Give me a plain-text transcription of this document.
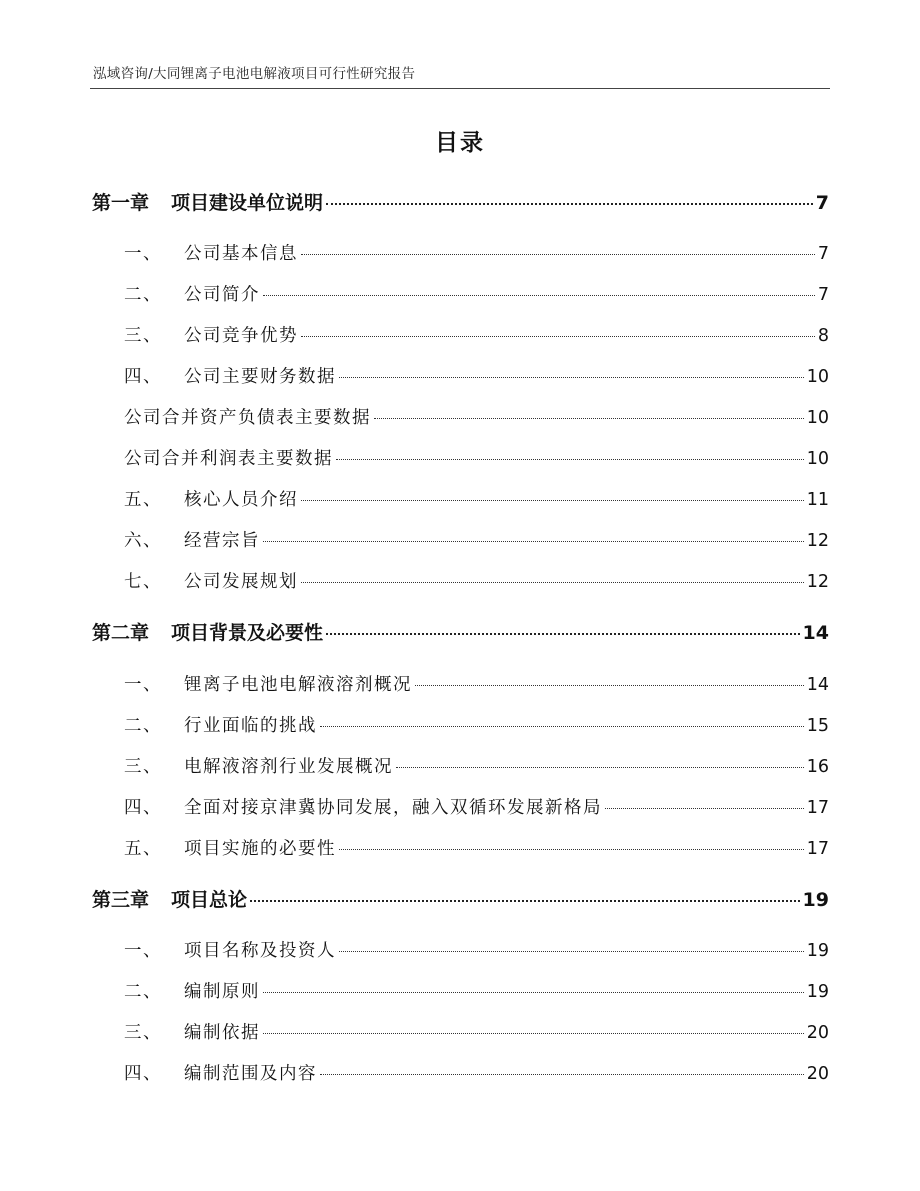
泓域咨询/大同锂离子电池电解液项目可行性研究报告
目录
第一章	项目建设单位说明	7
一、	公司基本信息	7
二、	公司简介	7
三、	公司竞争优势	8
四、	公司主要财务数据	10
公司合并资产负债表主要数据	10
公司合并利润表主要数据	10
五、	核心人员介绍	11
六、	经营宗旨	12
七、	公司发展规划	12
第二章	项目背景及必要性	14
一、	锂离子电池电解液溶剂概况	14
二、	行业面临的挑战	15
三、	电解液溶剂行业发展概况	16
四、	全面对接京津冀协同发展，融入双循环发展新格局	17
五、	项目实施的必要性	17
第三章	项目总论	19
一、	项目名称及投资人	19
二、	编制原则	19
三、	编制依据	20
四、	编制范围及内容	20
